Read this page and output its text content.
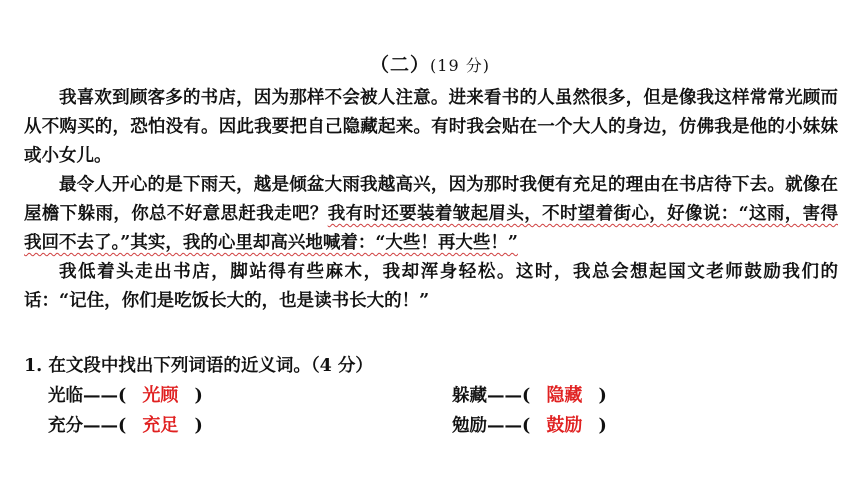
（二）(19 分)

我喜欢到顾客多的书店，因为那样不会被人注意。进来看书的人虽然很多，但是像我这样常常光顾而从不购买的，恐怕没有。因此我要把自己隐藏起来。有时我会贴在一个大人的身边，仿佛我是他的小妹妹或小女儿。

最令人开心的是下雨天，越是倾盆大雨我越高兴，因为那时我便有充足的理由在书店待下去。就像在屋檐下躲雨，你总不好意思赶我走吧？我有时还要装着皱起眉头，不时望着街心，好像说：“这雨，害得我回不去了。”其实，我的心里却高兴地喊着：“大些！再大些！”

我低着头走出书店，脚站得有些麻木，我却浑身轻松。这时，我总会想起国文老师鼓励我们的话：“记住，你们是吃饭长大的，也是读书长大的！”

1. 在文段中找出下列词语的近义词。（4 分）
光临——( 光顾 )	躲藏——( 隐藏 )
充分——( 充足 )	勉励——( 鼓励 )
